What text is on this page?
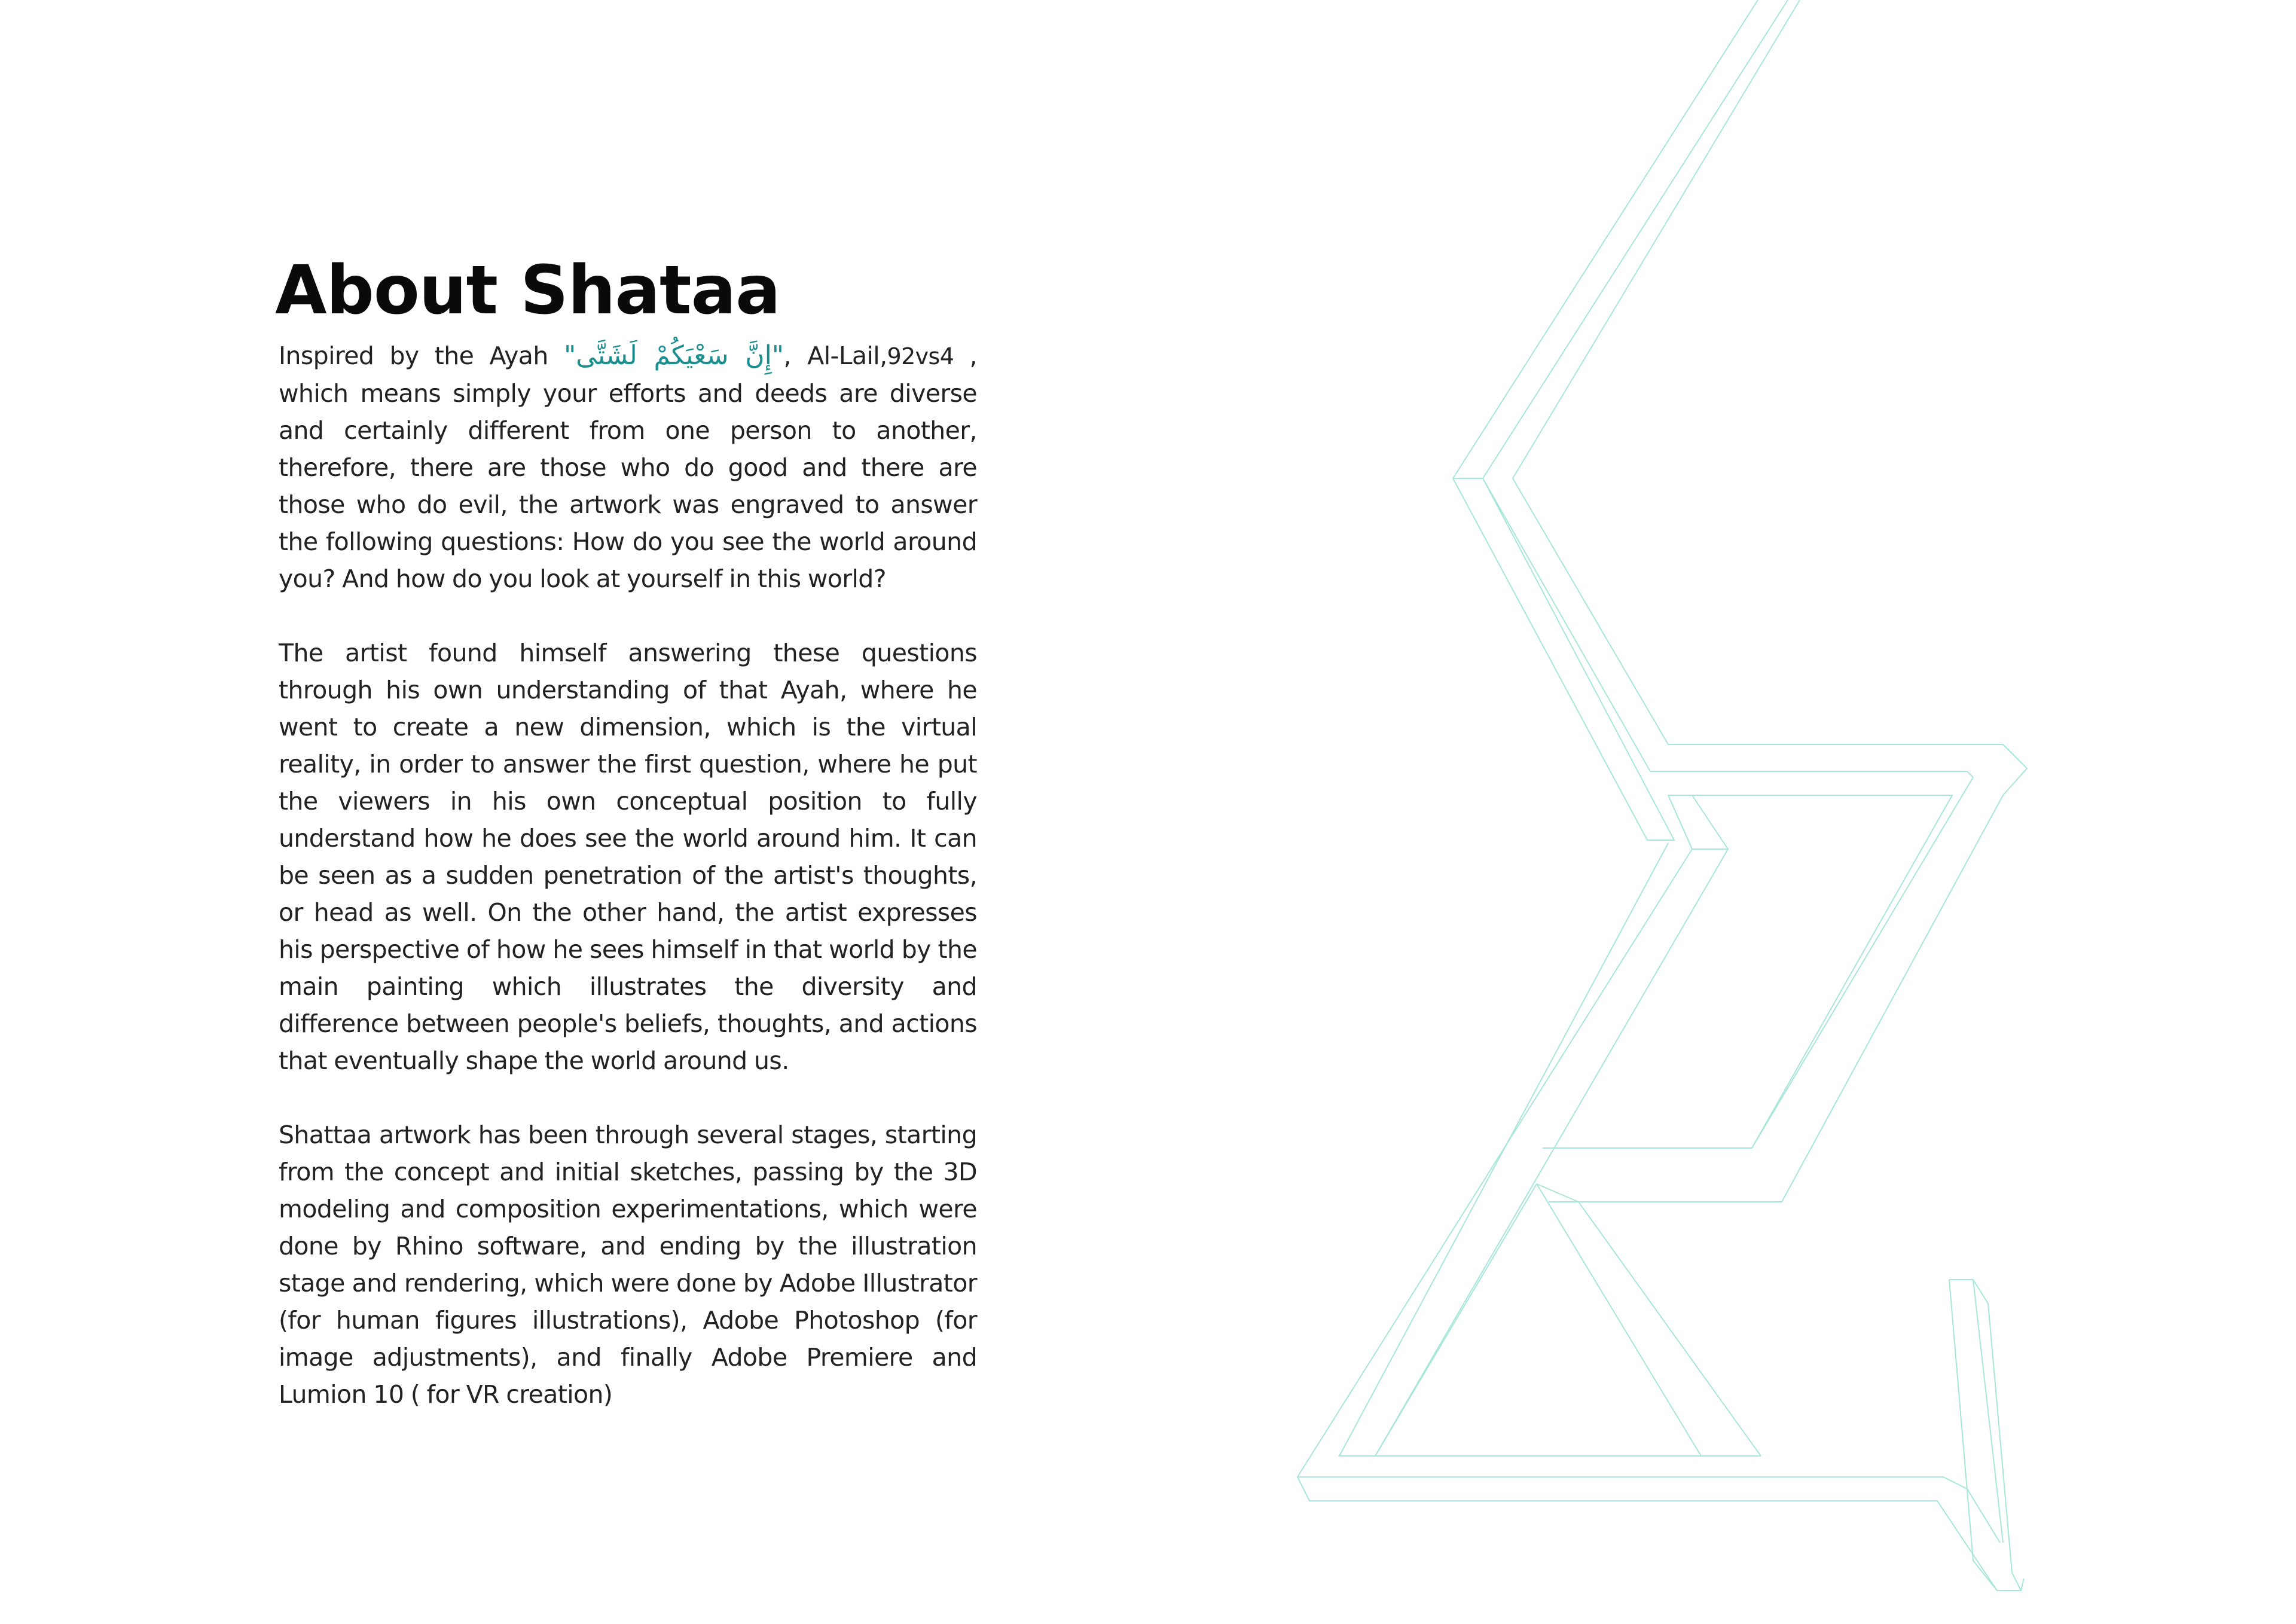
About Shataa

Inspired by the Ayah "إِنَّ سَعْيَكُمْ لَشَتَّى", Al-Lail,92vs4 , which means simply your efforts and deeds are diverse and certainly different from one person to another, therefore, there are those who do good and there are those who do evil, the artwork was engraved to answer the following questions: How do you see the world around you? And how do you look at yourself in this world?

The artist found himself answering these questions through his own understanding of that Ayah, where he went to create a new dimension, which is the virtual reality, in order to answer the first question, where he put the viewers in his own conceptual position to fully understand how he does see the world around him. It can be seen as a sudden penetration of the artist's thoughts, or head as well. On the other hand, the artist expresses his perspective of how he sees himself in that world by the main painting which illustrates the diversity and difference between people's beliefs, thoughts, and actions that eventually shape the world around us.

Shattaa artwork has been through several stages, starting from the concept and initial sketches, passing by the 3D modeling and composition experimentations, which were done by Rhino software, and ending by the illustration stage and rendering, which were done by Adobe Illustrator (for human figures illustrations), Adobe Photoshop (for image adjustments), and finally Adobe Premiere and Lumion 10 ( for VR creation)
